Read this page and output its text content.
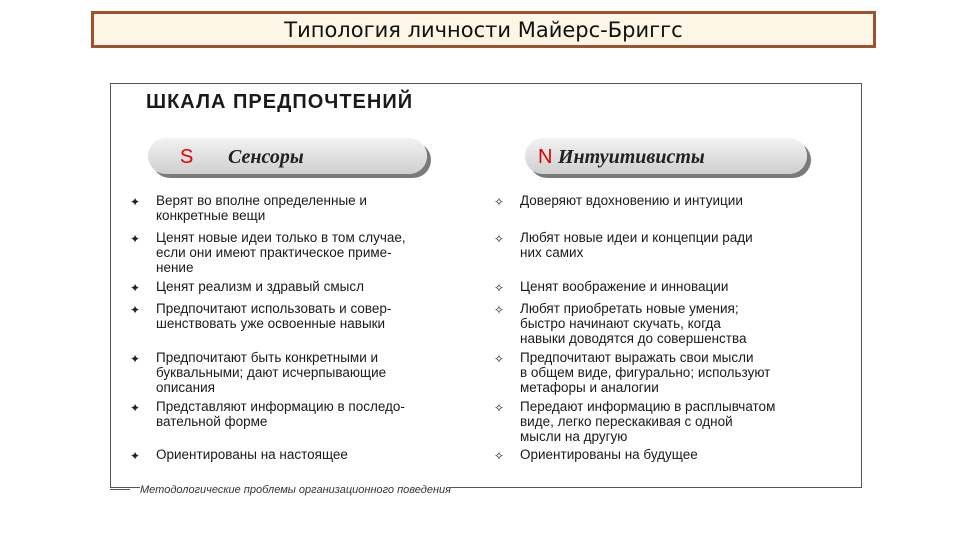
Типология личности Майерс-Бриггс
ШКАЛА ПРЕДПОЧТЕНИЙ
S Сенсоры	N Интуитивисты
✦ Верят во вполне определенные и
конкретные вещи
✦ Ценят новые идеи только в том случае,
если они имеют практическое приме-
нение
✦ Ценят реализм и здравый смысл
✦ Предпочитают использовать и совер-
шенствовать уже освоенные навыки
✦ Предпочитают быть конкретными и
буквальными; дают исчерпывающие
описания
✦ Представляют информацию в последо-
вательной форме
✦ Ориентированы на настоящее
✧ Доверяют вдохновению и интуиции
✧ Любят новые идеи и концепции ради
них самих
✧ Ценят воображение и инновации
✧ Любят приобретать новые умения;
быстро начинают скучать, когда
навыки доводятся до совершенства
✧ Предпочитают выражать свои мысли
в общем виде, фигурально; используют
метафоры и аналогии
✧ Передают информацию в расплывчатом
виде, легко перескакивая с одной
мысли на другую
✧ Ориентированы на будущее
Методологические проблемы организационного поведения
